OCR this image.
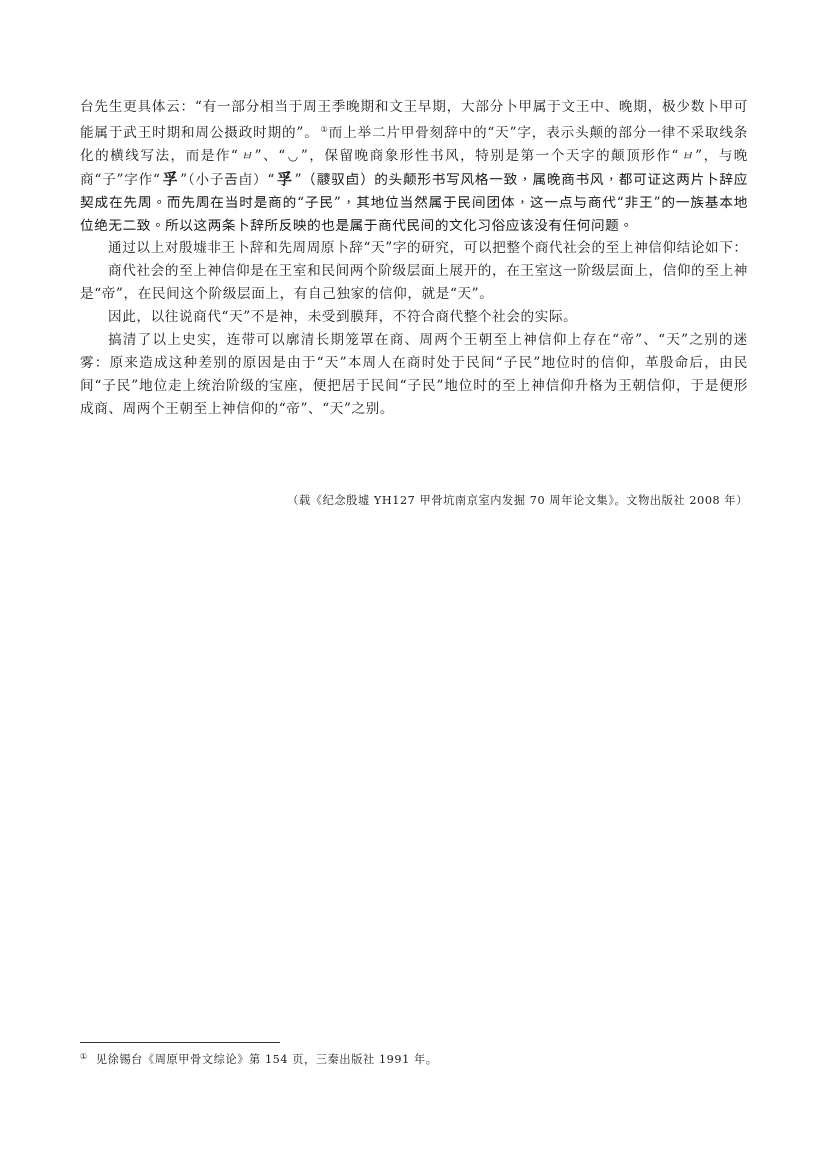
台先生更具体云：“有一部分相当于周王季晚期和文王早期，大部分卜甲属于文王中、晚期，极少数卜甲可能属于武王时期和周公摄政时期的”。 ①而上举二片甲骨刻辞中的“天”字，表示头颠的部分一律不采取线条化的横线写法，而是作“ ㅂ ”、“ ◡ ”，保留晚商象形性书风，特别是第一个天字的颠顶形作“ ㅂ ”，与晚商“子”字作“ 孚 ”（小子𢀛卣）“ 孚 ”（𩱛驭卣）的头颠形书写风格一致，属晚商书风，都可证这两片卜辞应契成在先周。而先周在当时是商的“子民”，其地位当然属于民间团体，这一点与商代“非王”的一族基本地位绝无二致。所以这两条卜辞所反映的也是属于商代民间的文化习俗应该没有任何问题。

通过以上对殷墟非王卜辞和先周周原卜辞“天”字的研究，可以把整个商代社会的至上神信仰结论如下：

商代社会的至上神信仰是在王室和民间两个阶级层面上展开的，在王室这一阶级层面上，信仰的至上神是“帝”，在民间这个阶级层面上，有自己独家的信仰，就是“天”。

因此，以往说商代“天”不是神，未受到膜拜，不符合商代整个社会的实际。

搞清了以上史实，连带可以廓清长期笼罩在商、周两个王朝至上神信仰上存在“帝”、“天”之别的迷雾：原来造成这种差别的原因是由于“天”本周人在商时处于民间“子民”地位时的信仰，革殷命后，由民间“子民”地位走上统治阶级的宝座，便把居于民间“子民”地位时的至上神信仰升格为王朝信仰，于是便形成商、周两个王朝至上神信仰的“帝”、“天”之别。

（载《纪念殷墟 YH127 甲骨坑南京室内发掘 70 周年论文集》。文物出版社 2008 年）
① 见徐锡台《周原甲骨文综论》第 154 页，三秦出版社 1991 年。
